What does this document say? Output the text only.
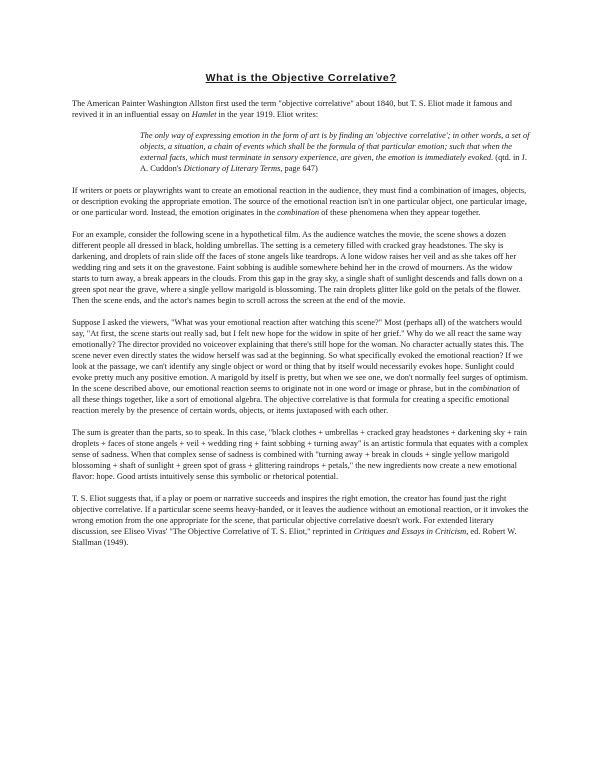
What is the Objective Correlative?

The American Painter Washington Allston first used the term "objective correlative" about 1840, but T. S. Eliot made it famous and revived it in an influential essay on Hamlet in the year 1919. Eliot writes:

The only way of expressing emotion in the form of art is by finding an 'objective correlative'; in other words, a set of objects, a situation, a chain of events which shall be the formula of that particular emotion; such that when the external facts, which must terminate in sensory experience, are given, the emotion is immediately evoked. (qtd. in J. A. Cuddon's Dictionary of Literary Terms, page 647)

If writers or poets or playwrights want to create an emotional reaction in the audience, they must find a combination of images, objects, or description evoking the appropriate emotion. The source of the emotional reaction isn't in one particular object, one particular image, or one particular word. Instead, the emotion originates in the combination of these phenomena when they appear together.

For an example, consider the following scene in a hypothetical film. As the audience watches the movie, the scene shows a dozen different people all dressed in black, holding umbrellas. The setting is a cemetery filled with cracked gray headstones. The sky is darkening, and droplets of rain slide off the faces of stone angels like teardrops. A lone widow raises her veil and as she takes off her wedding ring and sets it on the gravestone. Faint sobbing is audible somewhere behind her in the crowd of mourners. As the widow starts to turn away, a break appears in the clouds. From this gap in the gray sky, a single shaft of sunlight descends and falls down on a green spot near the grave, where a single yellow marigold is blossoming. The rain droplets glitter like gold on the petals of the flower. Then the scene ends, and the actor's names begin to scroll across the screen at the end of the movie.

Suppose I asked the viewers, "What was your emotional reaction after watching this scene?" Most (perhaps all) of the watchers would say, "At first, the scene starts out really sad, but I felt new hope for the widow in spite of her grief." Why do we all react the same way emotionally? The director provided no voiceover explaining that there's still hope for the woman. No character actually states this. The scene never even directly states the widow herself was sad at the beginning. So what specifically evoked the emotional reaction? If we look at the passage, we can't identify any single object or word or thing that by itself would necessarily evokes hope. Sunlight could evoke pretty much any positive emotion. A marigold by itself is pretty, but when we see one, we don't normally feel surges of optimism. In the scene described above, our emotional reaction seems to originate not in one word or image or phrase, but in the combination of all these things together, like a sort of emotional algebra. The objective correlative is that formula for creating a specific emotional reaction merely by the presence of certain words, objects, or items juxtaposed with each other.

The sum is greater than the parts, so to speak. In this case, "black clothes + umbrellas + cracked gray headstones + darkening sky + rain droplets + faces of stone angels + veil + wedding ring + faint sobbing + turning away" is an artistic formula that equates with a complex sense of sadness. When that complex sense of sadness is combined with "turning away + break in clouds + single yellow marigold blossoming + shaft of sunlight + green spot of grass + glittering raindrops + petals," the new ingredients now create a new emotional flavor: hope. Good artists intuitively sense this symbolic or rhetorical potential.

T. S. Eliot suggests that, if a play or poem or narrative succeeds and inspires the right emotion, the creator has found just the right objective correlative. If a particular scene seems heavy-handed, or it leaves the audience without an emotional reaction, or it invokes the wrong emotion from the one appropriate for the scene, that particular objective correlative doesn't work. For extended literary discussion, see Eliseo Vivas' "The Objective Correlative of T. S. Eliot," reprinted in Critiques and Essays in Criticism, ed. Robert W. Stallman (1949).
